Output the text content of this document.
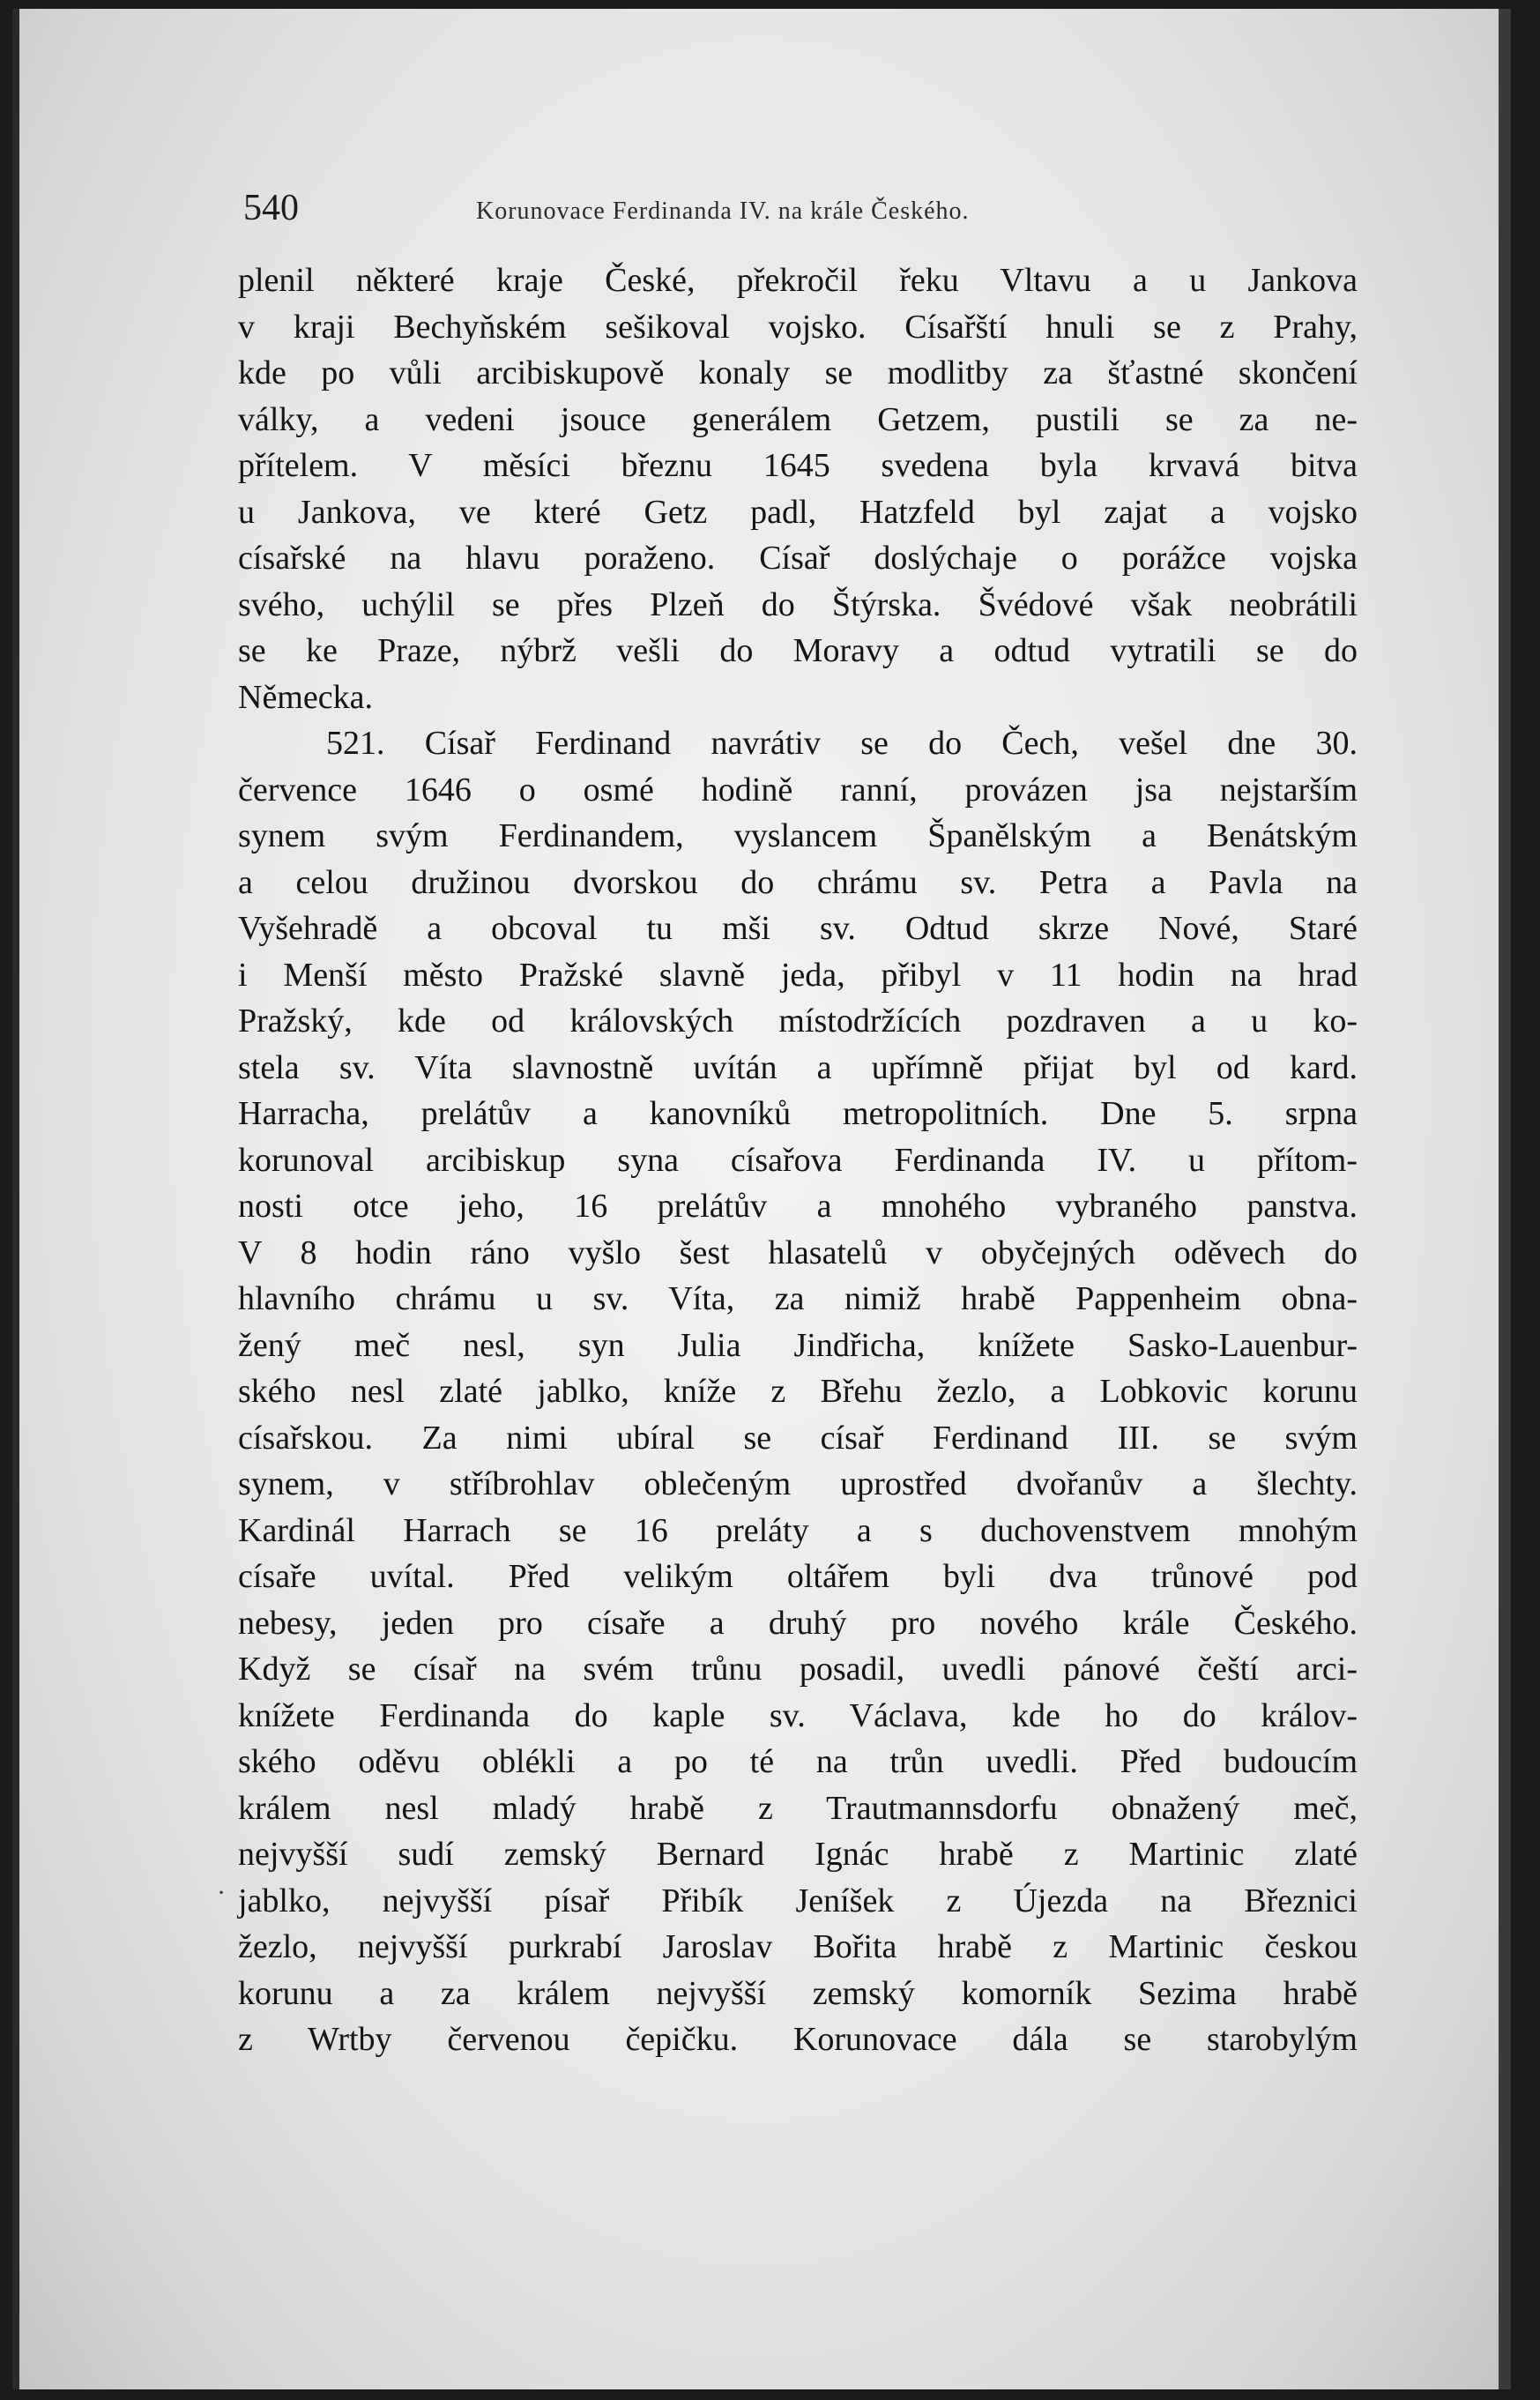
540	Korunovace Ferdinanda IV. na krále Českého.
plenil některé kraje České, překročil řeku Vltavu a u Jankova
v kraji Bechyňském sešikoval vojsko. Císařští hnuli se z Prahy,
kde po vůli arcibiskupově konaly se modlitby za šťastné skončení
války, a vedeni jsouce generálem Getzem, pustili se za ne-
přítelem. V měsíci březnu 1645 svedena byla krvavá bitva
u Jankova, ve které Getz padl, Hatzfeld byl zajat a vojsko
císařské na hlavu poraženo. Císař doslýchaje o porážce vojska
svého, uchýlil se přes Plzeň do Štýrska. Švédové však neobrátili
se ke Praze, nýbrž vešli do Moravy a odtud vytratili se do
Německa.
521. Císař Ferdinand navrátiv se do Čech, vešel dne 30.
července 1646 o osmé hodině ranní, provázen jsa nejstarším
synem svým Ferdinandem, vyslancem Španělským a Benátským
a celou družinou dvorskou do chrámu sv. Petra a Pavla na
Vyšehradě a obcoval tu mši sv. Odtud skrze Nové, Staré
i Menší město Pražské slavně jeda, přibyl v 11 hodin na hrad
Pražský, kde od královských místodržících pozdraven a u ko-
stela sv. Víta slavnostně uvítán a upřímně přijat byl od kard.
Harracha, prelátův a kanovníků metropolitních. Dne 5. srpna
korunoval arcibiskup syna císařova Ferdinanda IV. u přítom-
nosti otce jeho, 16 prelátův a mnohého vybraného panstva.
V 8 hodin ráno vyšlo šest hlasatelů v obyčejných oděvech do
hlavního chrámu u sv. Víta, za nimiž hrabě Pappenheim obna-
žený meč nesl, syn Julia Jindřicha, knížete Sasko-Lauenbur-
ského nesl zlaté jablko, kníže z Břehu žezlo, a Lobkovic korunu
císařskou. Za nimi ubíral se císař Ferdinand III. se svým
synem, v stříbrohlav oblečeným uprostřed dvořanův a šlechty.
Kardinál Harrach se 16 preláty a s duchovenstvem mnohým
císaře uvítal. Před velikým oltářem byli dva trůnové pod
nebesy, jeden pro císaře a druhý pro nového krále Českého.
Když se císař na svém trůnu posadil, uvedli pánové čeští arci-
knížete Ferdinanda do kaple sv. Václava, kde ho do králov-
ského oděvu oblékli a po té na trůn uvedli. Před budoucím
králem nesl mladý hrabě z Trautmannsdorfu obnažený meč,
nejvyšší sudí zemský Bernard Ignác hrabě z Martinic zlaté
jablko, nejvyšší písař Přibík Jeníšek z Újezda na Březnici
žezlo, nejvyšší purkrabí Jaroslav Bořita hrabě z Martinic českou
korunu a za králem nejvyšší zemský komorník Sezima hrabě
z Wrtby červenou čepičku. Korunovace dála se starobylým
·
